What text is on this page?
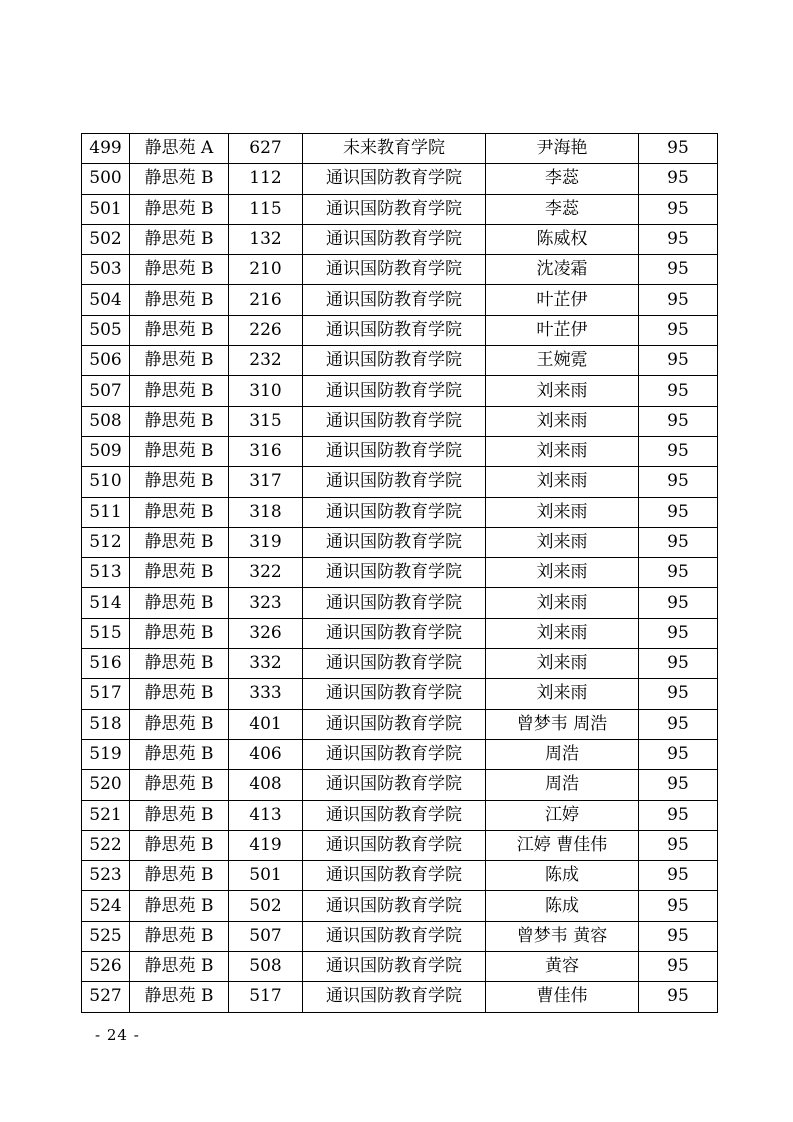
499	静思苑 A	627	未来教育学院	尹海艳	95
500	静思苑 B	112	通识国防教育学院	李蕊	95
501	静思苑 B	115	通识国防教育学院	李蕊	95
502	静思苑 B	132	通识国防教育学院	陈威权	95
503	静思苑 B	210	通识国防教育学院	沈凌霜	95
504	静思苑 B	216	通识国防教育学院	叶芷伊	95
505	静思苑 B	226	通识国防教育学院	叶芷伊	95
506	静思苑 B	232	通识国防教育学院	王婉霓	95
507	静思苑 B	310	通识国防教育学院	刘来雨	95
508	静思苑 B	315	通识国防教育学院	刘来雨	95
509	静思苑 B	316	通识国防教育学院	刘来雨	95
510	静思苑 B	317	通识国防教育学院	刘来雨	95
511	静思苑 B	318	通识国防教育学院	刘来雨	95
512	静思苑 B	319	通识国防教育学院	刘来雨	95
513	静思苑 B	322	通识国防教育学院	刘来雨	95
514	静思苑 B	323	通识国防教育学院	刘来雨	95
515	静思苑 B	326	通识国防教育学院	刘来雨	95
516	静思苑 B	332	通识国防教育学院	刘来雨	95
517	静思苑 B	333	通识国防教育学院	刘来雨	95
518	静思苑 B	401	通识国防教育学院	曾梦韦 周浩	95
519	静思苑 B	406	通识国防教育学院	周浩	95
520	静思苑 B	408	通识国防教育学院	周浩	95
521	静思苑 B	413	通识国防教育学院	江婷	95
522	静思苑 B	419	通识国防教育学院	江婷 曹佳伟	95
523	静思苑 B	501	通识国防教育学院	陈成	95
524	静思苑 B	502	通识国防教育学院	陈成	95
525	静思苑 B	507	通识国防教育学院	曾梦韦 黄容	95
526	静思苑 B	508	通识国防教育学院	黄容	95
527	静思苑 B	517	通识国防教育学院	曹佳伟	95
- 24 -
